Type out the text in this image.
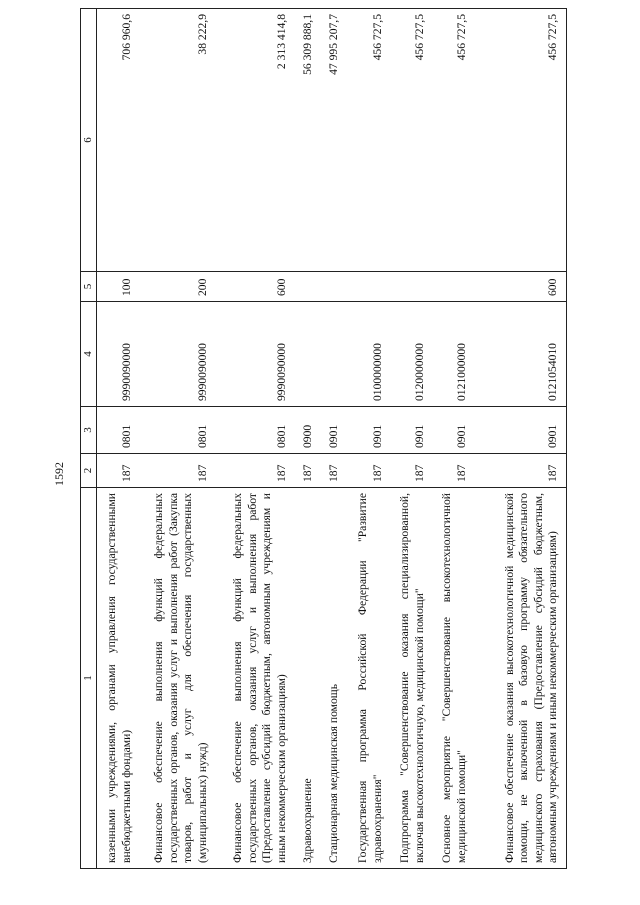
1592
1	2	3	4	5	6
казенными учреждениями, органами управления государственными внебюджетными фондами)	187	0801	9990090000	100	706 960,6
Финансовое обеспечение выполнения функций федеральных государственных органов, оказания услуг и выполнения работ (Закупка товаров, работ и услуг для обеспечения государственных (муниципальных) нужд)	187	0801	9990090000	200	38 222,9
Финансовое обеспечение выполнения функций федеральных государственных органов, оказания услуг и выполнения работ (Предоставление субсидий бюджетным, автономным учреждениям и иным некоммерческим организациям)	187	0801	9990090000	600	2 313 414,8
Здравоохранение	187	0900			56 309 888,1
Стационарная медицинская помощь	187	0901			47 995 207,7
Государственная программа Российской Федерации "Развитие здравоохранения"	187	0901	0100000000		456 727,5
Подпрограмма "Совершенствование оказания специализированной, включая высокотехнологичную, медицинской помощи"	187	0901	0120000000		456 727,5
Основное мероприятие "Совершенствование высокотехнологичной медицинской помощи"	187	0901	0121000000		456 727,5
Финансовое обеспечение оказания высокотехнологичной медицинской помощи, не включенной в базовую программу обязательного медицинского страхования (Предоставление субсидий бюджетным, автономным учреждениям и иным некоммерческим организациям)	187	0901	0121054010	600	456 727,5
